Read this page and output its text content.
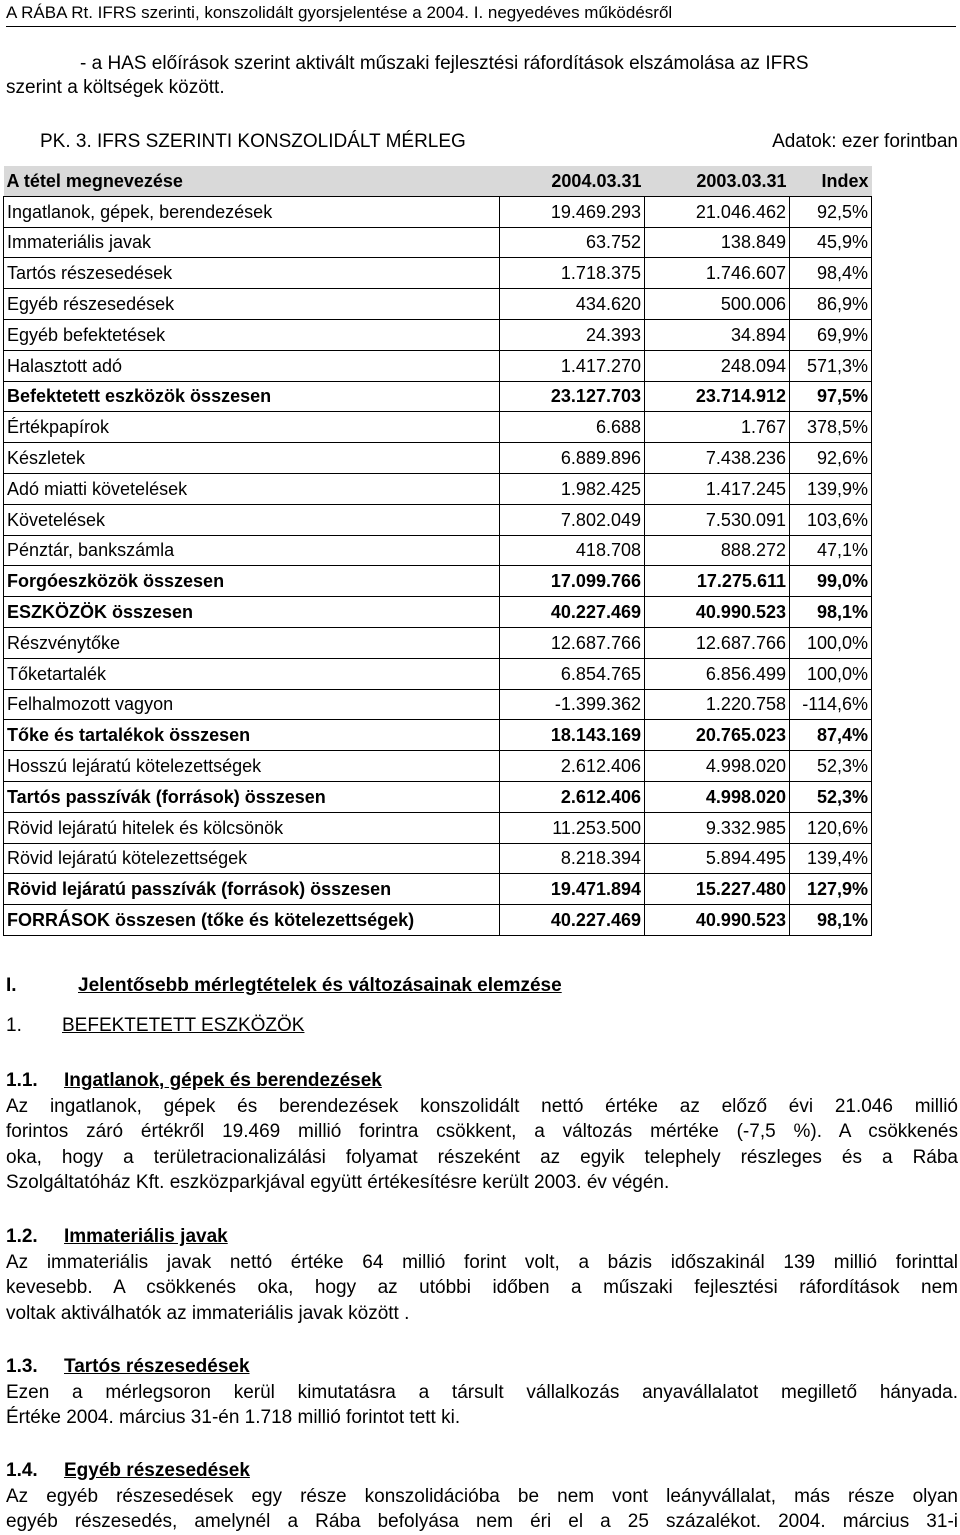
A RÁBA Rt. IFRS szerinti, konszolidált gyorsjelentése a 2004. I. negyedéves működésről
- a HAS előírások szerint aktivált műszaki fejlesztési ráfordítások elszámolása az IFRS
szerint a költségek között.
PK. 3. IFRS SZERINTI KONSZOLIDÁLT MÉRLEG	Adatok: ezer forintban
A tétel megnevezése	2004.03.31	2003.03.31	Index
Ingatlanok, gépek, berendezések	19.469.293	21.046.462	92,5%
Immateriális javak	63.752	138.849	45,9%
Tartós részesedések	1.718.375	1.746.607	98,4%
Egyéb részesedések	434.620	500.006	86,9%
Egyéb befektetések	24.393	34.894	69,9%
Halasztott adó	1.417.270	248.094	571,3%
Befektetett eszközök összesen	23.127.703	23.714.912	97,5%
Értékpapírok	6.688	1.767	378,5%
Készletek	6.889.896	7.438.236	92,6%
Adó miatti követelések	1.982.425	1.417.245	139,9%
Követelések	7.802.049	7.530.091	103,6%
Pénztár, bankszámla	418.708	888.272	47,1%
Forgóeszközök összesen	17.099.766	17.275.611	99,0%
ESZKÖZÖK összesen	40.227.469	40.990.523	98,1%
Részvénytőke	12.687.766	12.687.766	100,0%
Tőketartalék	6.854.765	6.856.499	100,0%
Felhalmozott vagyon	-1.399.362	1.220.758	-114,6%
Tőke és tartalékok összesen	18.143.169	20.765.023	87,4%
Hosszú lejáratú kötelezettségek	2.612.406	4.998.020	52,3%
Tartós passzívák (források) összesen	2.612.406	4.998.020	52,3%
Rövid lejáratú hitelek és kölcsönök	11.253.500	9.332.985	120,6%
Rövid lejáratú kötelezettségek	8.218.394	5.894.495	139,4%
Rövid lejáratú passzívák (források) összesen	19.471.894	15.227.480	127,9%
FORRÁSOK összesen (tőke és kötelezettségek)	40.227.469	40.990.523	98,1%
I.	Jelentősebb mérlegtételek és változásainak elemzése
1. BEFEKTETETT ESZKÖZÖK
1.1. Ingatlanok, gépek és berendezések

Az ingatlanok, gépek és berendezések konszolidált nettó értéke az előző évi 21.046 millió

forintos záró értékről 19.469 millió forintra csökkent, a változás mértéke (-7,5 %). A csökkenés

oka, hogy a területracionalizálási folyamat részeként az egyik telephely részleges és a Rába

Szolgáltatóház Kft. eszközparkjával együtt értékesítésre került 2003. év végén.

1.2. Immateriális javak

Az immateriális javak nettó értéke 64 millió forint volt, a bázis időszakinál 139 millió forinttal

kevesebb. A csökkenés oka, hogy az utóbbi időben a műszaki fejlesztési ráfordítások nem

voltak aktiválhatók az immateriális javak között .

1.3. Tartós részesedések

Ezen a mérlegsoron kerül kimutatásra a társult vállalkozás anyavállalatot megillető hányada.

Értéke 2004. március 31-én 1.718 millió forintot tett ki.

1.4. Egyéb részesedések

Az egyéb részesedések egy része konszolidációba be nem vont leányvállalat, más része olyan

egyéb részesedés, amelynél a Rába befolyása nem éri el a 25 százalékot. 2004. március 31-i
